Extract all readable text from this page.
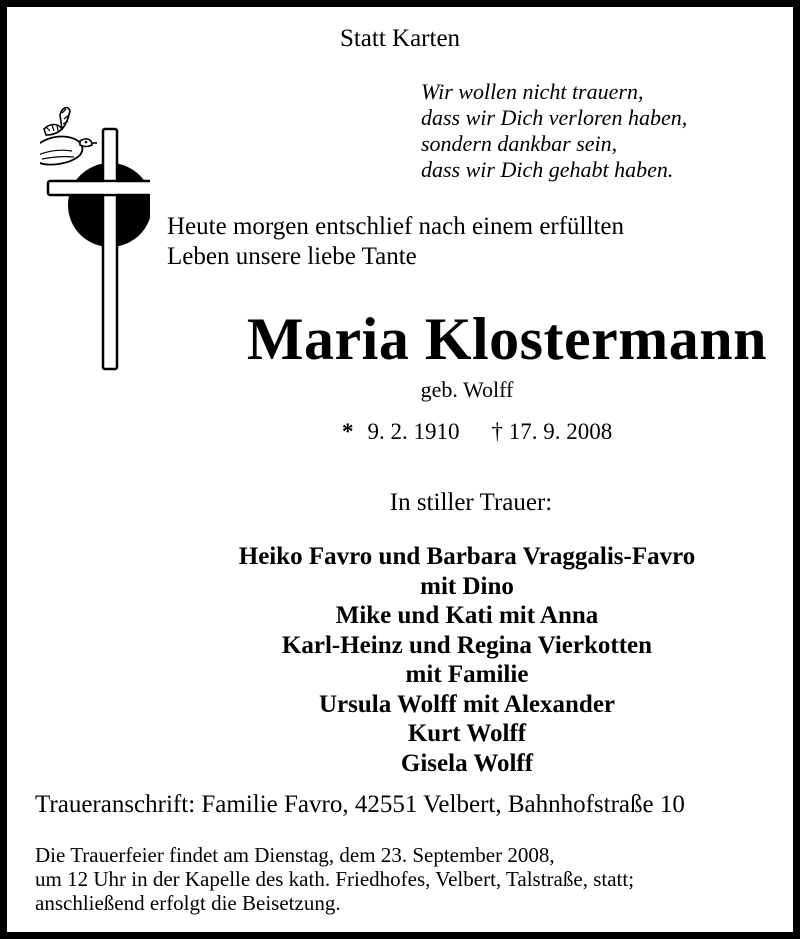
Statt Karten
Wir wollen nicht trauern,
dass wir Dich verloren haben,
sondern dankbar sein,
dass wir Dich gehabt haben.
Heute morgen entschlief nach einem erfüllten
Leben unsere liebe Tante
Maria Klostermann
geb. Wolff
* 9. 2. 1910 † 17. 9. 2008
In stiller Trauer:
Heiko Favro und Barbara Vraggalis-Favro
mit Dino
Mike und Kati mit Anna
Karl-Heinz und Regina Vierkotten
mit Familie
Ursula Wolff mit Alexander
Kurt Wolff
Gisela Wolff
Traueranschrift: Familie Favro, 42551 Velbert, Bahnhofstraße 10
Die Trauerfeier findet am Dienstag, dem 23. September 2008,
um 12 Uhr in der Kapelle des kath. Friedhofes, Velbert, Talstraße, statt;
anschließend erfolgt die Beisetzung.
